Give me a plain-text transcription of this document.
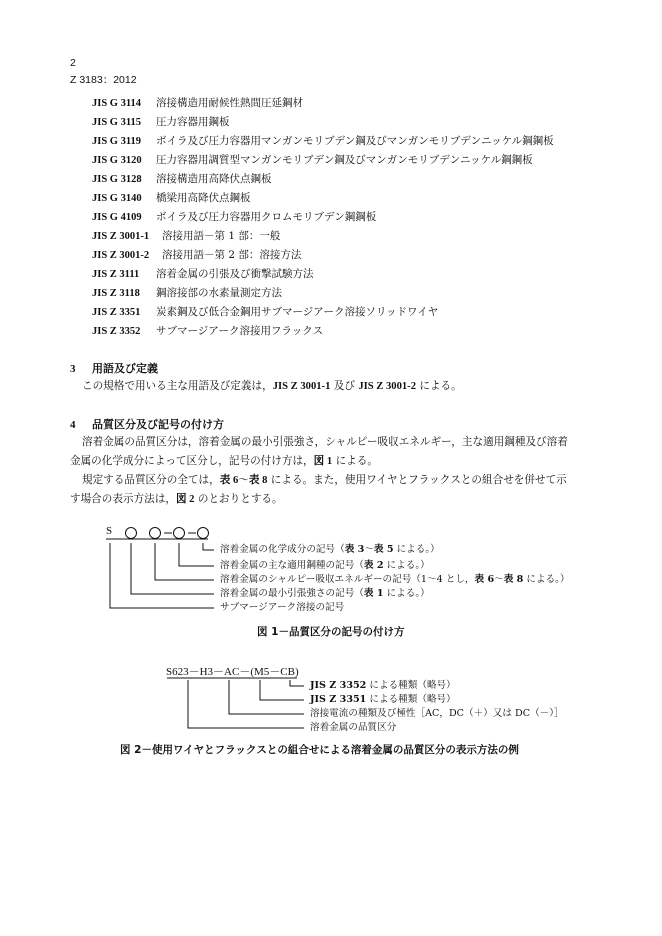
2
Z 3183：2012
JIS G 3114 溶接構造用耐候性熱間圧延鋼材
JIS G 3115 圧力容器用鋼板
JIS G 3119 ボイラ及び圧力容器用マンガンモリブデン鋼及びマンガンモリブデンニッケル鋼鋼板
JIS G 3120 圧力容器用調質型マンガンモリブデン鋼及びマンガンモリブデンニッケル鋼鋼板
JIS G 3128 溶接構造用高降伏点鋼板
JIS G 3140 橋梁用高降伏点鋼板
JIS G 4109 ボイラ及び圧力容器用クロムモリブデン鋼鋼板
JIS Z 3001-1 溶接用語－第 1 部：一般
JIS Z 3001-2 溶接用語－第 2 部：溶接方法
JIS Z 3111 溶着金属の引張及び衝撃試験方法
JIS Z 3118 鋼溶接部の水素量測定方法
JIS Z 3351 炭素鋼及び低合金鋼用サブマージアーク溶接ソリッドワイヤ
JIS Z 3352 サブマージアーク溶接用フラックス
3 用語及び定義
この規格で用いる主な用語及び定義は，JIS Z 3001-1 及び JIS Z 3001-2 による。
4 品質区分及び記号の付け方
溶着金属の品質区分は，溶着金属の最小引張強さ，シャルピー吸収エネルギー，主な適用鋼種及び溶着
金属の化学成分によって区分し，記号の付け方は，図 1 による。
規定する品質区分の全ては，表 6～表 8 による。また，使用ワイヤとフラックスとの組合せを併せて示
す場合の表示方法は，図 2 のとおりとする。
S
溶着金属の化学成分の記号（表 3～表 5 による。）
溶着金属の主な適用鋼種の記号（表 2 による。）
溶着金属のシャルピー吸収エネルギーの記号（1～4 とし，表 6～表 8 による。）
溶着金属の最小引張強さの記号（表 1 による。）
サブマージアーク溶接の記号
図 1－品質区分の記号の付け方
S623－H3－AC－(M5－CB)
JIS Z 3352 による種類（略号）
JIS Z 3351 による種類（略号）
溶接電流の種類及び極性［AC，DC（＋）又は DC（－）］
溶着金属の品質区分
図 2－使用ワイヤとフラックスとの組合せによる溶着金属の品質区分の表示方法の例
